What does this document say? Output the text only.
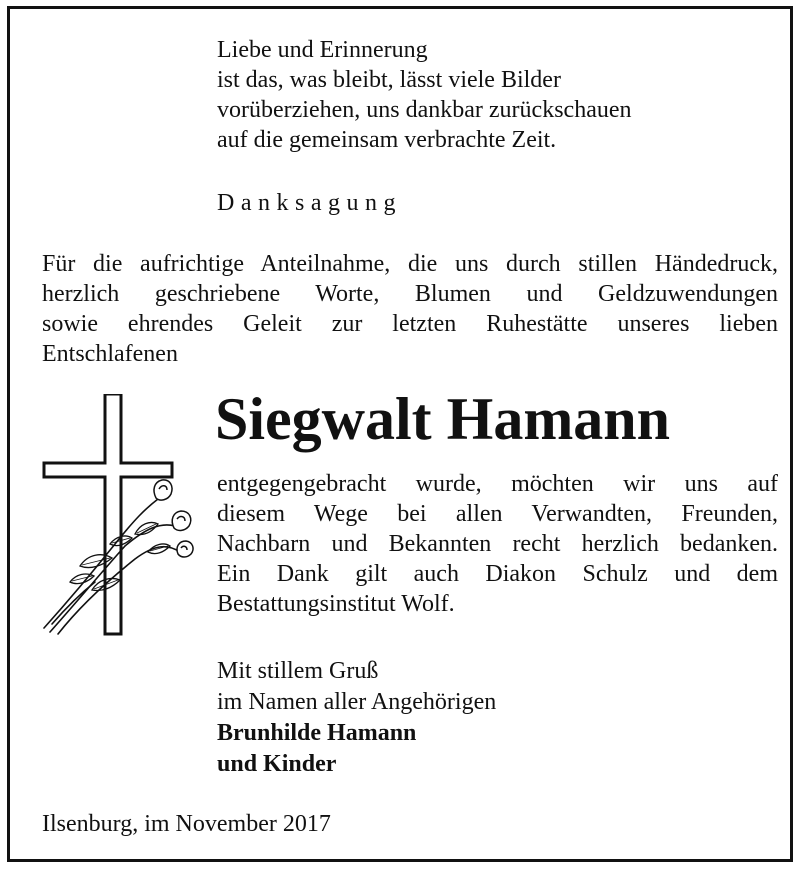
Liebe und Erinnerung
ist das, was bleibt, lässt viele Bilder
vorüberziehen, uns dankbar zurückschauen
auf die gemeinsam verbrachte Zeit.
Danksagung
Für die aufrichtige Anteilnahme, die uns durch stillen Händedruck,
herzlich geschriebene Worte, Blumen und Geldzuwendungen
sowie ehrendes Geleit zur letzten Ruhestätte unseres lieben
Entschlafenen
Siegwalt Hamann
entgegengebracht wurde, möchten wir uns auf
diesem Wege bei allen Verwandten, Freunden,
Nachbarn und Bekannten recht herzlich bedanken.
Ein Dank gilt auch Diakon Schulz und dem
Bestattungsinstitut Wolf.
Mit stillem Gruß
im Namen aller Angehörigen
Brunhilde Hamann
und Kinder
Ilsenburg, im November 2017
